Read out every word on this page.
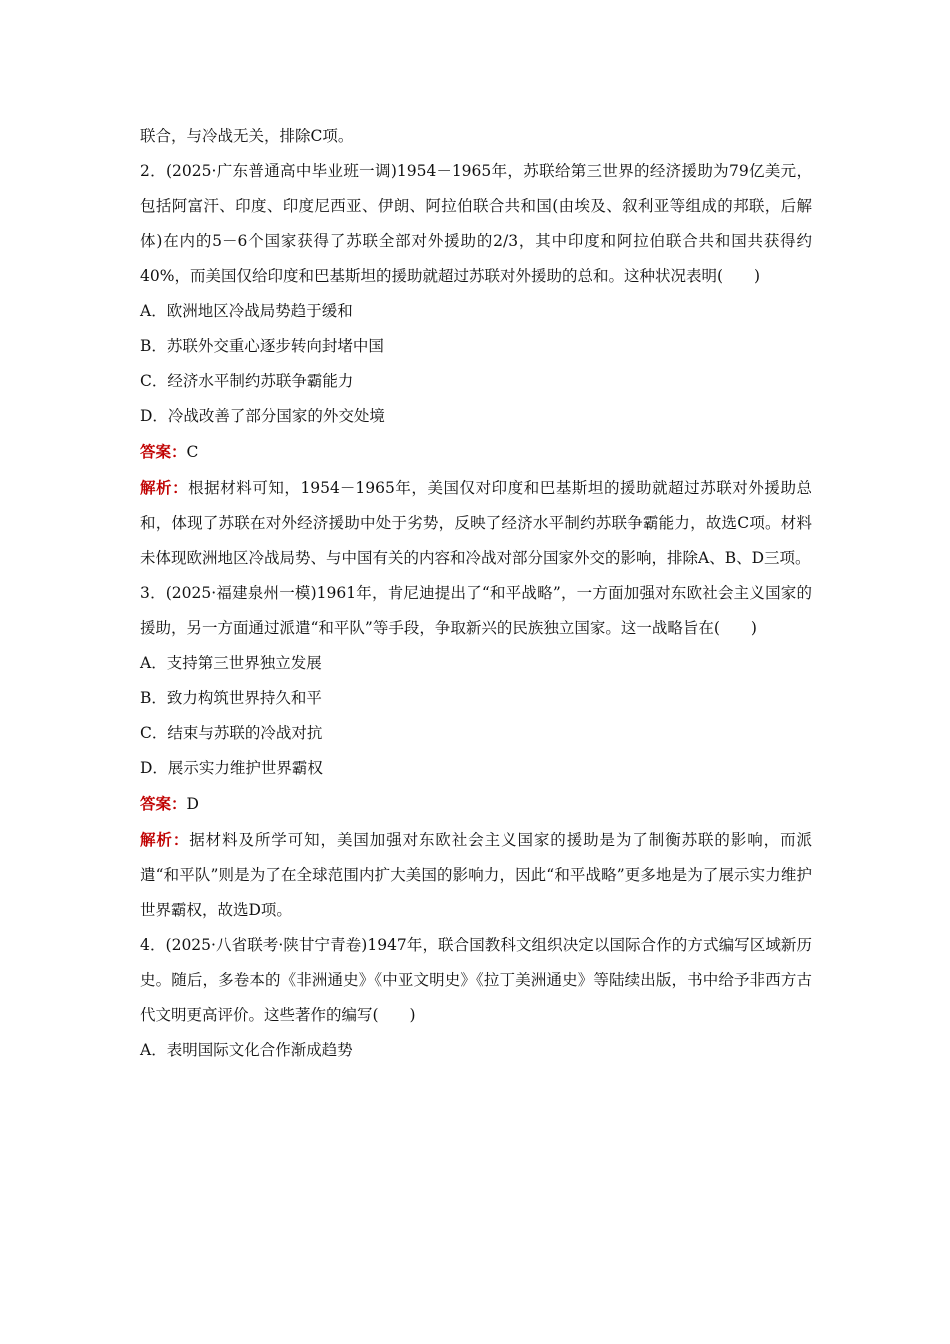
联合，与冷战无关，排除C项。

2．(2025·广东普通高中毕业班一调)1954－1965年，苏联给第三世界的经济援助为79亿美元，包括阿富汗、印度、印度尼西亚、伊朗、阿拉伯联合共和国(由埃及、叙利亚等组成的邦联，后解体)在内的5－6个国家获得了苏联全部对外援助的2/3，其中印度和阿拉伯联合共和国共获得约40%，而美国仅给印度和巴基斯坦的援助就超过苏联对外援助的总和。这种状况表明(　　)

A．欧洲地区冷战局势趋于缓和

B．苏联外交重心逐步转向封堵中国

C．经济水平制约苏联争霸能力

D．冷战改善了部分国家的外交处境

答案：C

解析：根据材料可知，1954－1965年，美国仅对印度和巴基斯坦的援助就超过苏联对外援助总和，体现了苏联在对外经济援助中处于劣势，反映了经济水平制约苏联争霸能力，故选C项。材料未体现欧洲地区冷战局势、与中国有关的内容和冷战对部分国家外交的影响，排除A、B、D三项。

3．(2025·福建泉州一模)1961年，肯尼迪提出了“和平战略”，一方面加强对东欧社会主义国家的援助，另一方面通过派遣“和平队”等手段，争取新兴的民族独立国家。这一战略旨在(　　)

A．支持第三世界独立发展

B．致力构筑世界持久和平

C．结束与苏联的冷战对抗

D．展示实力维护世界霸权

答案：D

解析：据材料及所学可知，美国加强对东欧社会主义国家的援助是为了制衡苏联的影响，而派遣“和平队”则是为了在全球范围内扩大美国的影响力，因此“和平战略”更多地是为了展示实力维护世界霸权，故选D项。

4．(2025·八省联考·陕甘宁青卷)1947年，联合国教科文组织决定以国际合作的方式编写区域新历史。随后，多卷本的《非洲通史》《中亚文明史》《拉丁美洲通史》等陆续出版，书中给予非西方古代文明更高评价。这些著作的编写(　　)

A．表明国际文化合作渐成趋势
